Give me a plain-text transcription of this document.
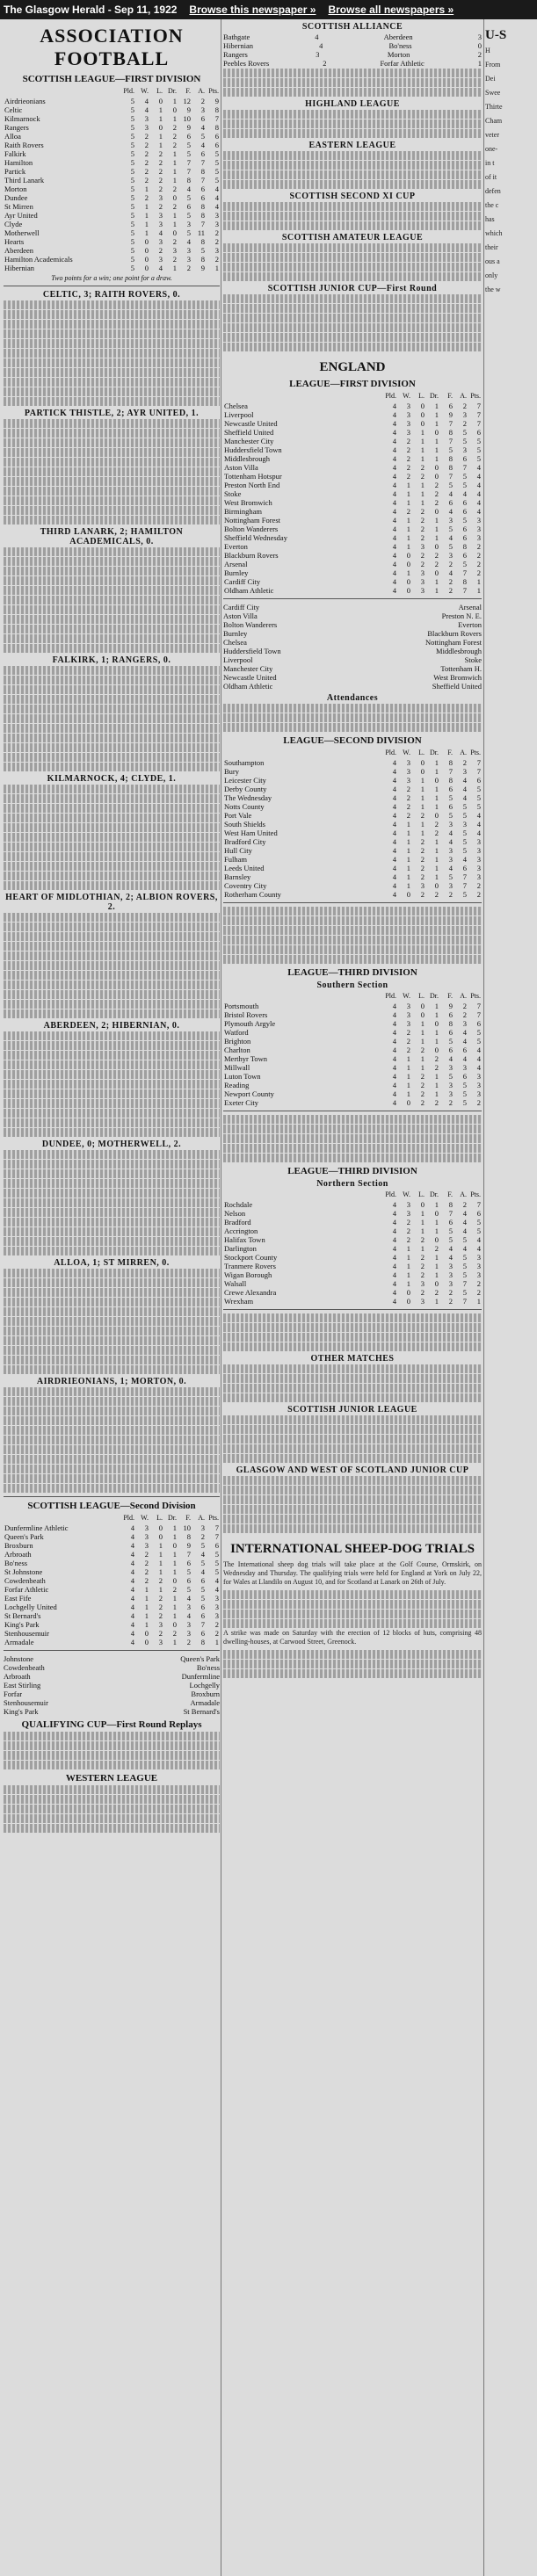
The Glasgow Herald - Sep 11, 1922 Browse this newspaper » Browse all newspapers »
ASSOCIATION FOOTBALL
SCOTTISH LEAGUE—FIRST DIVISION
	Pld.	W.	L.	Dr.	F.	A.	Pts.
Airdrieonians	5	4	0	1	12	2	9
Celtic	5	4	1	0	9	3	8
Kilmarnock	5	3	1	1	10	6	7
Rangers	5	3	0	2	9	4	8
Alloa	5	2	1	2	6	5	6
Raith Rovers	5	2	1	2	5	4	6
Falkirk	5	2	2	1	5	6	5
Hamilton	5	2	2	1	7	7	5
Partick	5	2	2	1	7	8	5
Third Lanark	5	2	2	1	8	7	5
Morton	5	1	2	2	4	6	4
Dundee	5	2	3	0	5	6	4
St Mirren	5	1	2	2	6	8	4
Ayr United	5	1	3	1	5	8	3
Clyde	5	1	3	1	3	7	3
Motherwell	5	1	4	0	5	11	2
Hearts	5	0	3	2	4	8	2
Aberdeen	5	0	2	3	3	5	3
Hamilton Academicals	5	0	3	2	3	8	2
Hibernian	5	0	4	1	2	9	1
Two points for a win; one point for a draw.
CELTIC, 3; RAITH ROVERS, 0.
PARTICK THISTLE, 2; AYR UNITED, 1.
THIRD LANARK, 2; HAMILTON ACADEMICALS, 0.
FALKIRK, 1; RANGERS, 0.
KILMARNOCK, 4; CLYDE, 1.
HEART OF MIDLOTHIAN, 2; ALBION ROVERS, 2.
ABERDEEN, 2; HIBERNIAN, 0.
DUNDEE, 0; MOTHERWELL, 2.
ALLOA, 1; ST MIRREN, 0.
AIRDRIEONIANS, 1; MORTON, 0.
SCOTTISH LEAGUE—Second Division
	Pld.	W.	L.	Dr.	F.	A.	Pts.
Dunfermline Athletic	4	3	0	1	10	3	7
Queen's Park	4	3	0	1	8	2	7
Broxburn	4	3	1	0	9	5	6
Arbroath	4	2	1	1	7	4	5
Bo'ness	4	2	1	1	6	5	5
St Johnstone	4	2	1	1	5	4	5
Cowdenbeath	4	2	2	0	6	6	4
Forfar Athletic	4	1	1	2	5	5	4
East Fife	4	1	2	1	4	5	3
Lochgelly United	4	1	2	1	3	6	3
St Bernard's	4	1	2	1	4	6	3
King's Park	4	1	3	0	3	7	2
Stenhousemuir	4	0	2	2	3	6	2
Armadale	4	0	3	1	2	8	1
Johnstone	Queen's Park
Cowdenbeath	Bo'ness
Arbroath	Dunfermline
East Stirling	Lochgelly
Forfar	Broxburn
Stenhousemuir	Armadale
King's Park	St Bernard's
QUALIFYING CUP—First Round Replays
WESTERN LEAGUE
SCOTTISH ALLIANCE
Bathgate	4	Aberdeen	3
Hibernian	4	Bo'ness	0
Rangers	3	Morton	2
Peebles Rovers	2	Forfar Athletic	1
HIGHLAND LEAGUE
EASTERN LEAGUE
SCOTTISH SECOND XI CUP
SCOTTISH AMATEUR LEAGUE
SCOTTISH JUNIOR CUP—First Round
ENGLAND
LEAGUE—FIRST DIVISION
	Pld.	W.	L.	Dr.	F.	A.	Pts.
Chelsea	4	3	0	1	6	2	7
Liverpool	4	3	0	1	9	3	7
Newcastle United	4	3	0	1	7	2	7
Sheffield United	4	3	1	0	8	5	6
Manchester City	4	2	1	1	7	5	5
Huddersfield Town	4	2	1	1	5	3	5
Middlesbrough	4	2	1	1	8	6	5
Aston Villa	4	2	2	0	8	7	4
Tottenham Hotspur	4	2	2	0	7	5	4
Preston North End	4	1	1	2	5	5	4
Stoke	4	1	1	2	4	4	4
West Bromwich	4	1	1	2	6	6	4
Birmingham	4	2	2	0	4	6	4
Nottingham Forest	4	1	2	1	3	5	3
Bolton Wanderers	4	1	2	1	5	6	3
Sheffield Wednesday	4	1	2	1	4	6	3
Everton	4	1	3	0	5	8	2
Blackburn Rovers	4	0	2	2	3	6	2
Arsenal	4	0	2	2	2	5	2
Burnley	4	1	3	0	4	7	2
Cardiff City	4	0	3	1	2	8	1
Oldham Athletic	4	0	3	1	2	7	1
Cardiff City	Arsenal
Aston Villa	Preston N. E.
Bolton Wanderers	Everton
Burnley	Blackburn Rovers
Chelsea	Nottingham Forest
Huddersfield Town	Middlesbrough
Liverpool	Stoke
Manchester City	Tottenham H.
Newcastle United	West Bromwich
Oldham Athletic	Sheffield United
Attendances
LEAGUE—SECOND DIVISION
	Pld.	W.	L.	Dr.	F.	A.	Pts.
Southampton	4	3	0	1	8	2	7
Bury	4	3	0	1	7	3	7
Leicester City	4	3	1	0	8	4	6
Derby County	4	2	1	1	6	4	5
The Wednesday	4	2	1	1	5	4	5
Notts County	4	2	1	1	6	5	5
Port Vale	4	2	2	0	5	5	4
South Shields	4	1	1	2	3	3	4
West Ham United	4	1	1	2	4	5	4
Bradford City	4	1	2	1	4	5	3
Hull City	4	1	2	1	3	5	3
Fulham	4	1	2	1	3	4	3
Leeds United	4	1	2	1	4	6	3
Barnsley	4	1	2	1	5	7	3
Coventry City	4	1	3	0	3	7	2
Rotherham County	4	0	2	2	2	5	2
LEAGUE—THIRD DIVISION
Southern Section
	Pld.	W.	L.	Dr.	F.	A.	Pts.
Portsmouth	4	3	0	1	9	2	7
Bristol Rovers	4	3	0	1	6	2	7
Plymouth Argyle	4	3	1	0	8	3	6
Watford	4	2	1	1	6	4	5
Brighton	4	2	1	1	5	4	5
Charlton	4	2	2	0	6	6	4
Merthyr Town	4	1	1	2	4	4	4
Millwall	4	1	1	2	3	3	4
Luton Town	4	1	2	1	5	6	3
Reading	4	1	2	1	3	5	3
Newport County	4	1	2	1	3	5	3
Exeter City	4	0	2	2	2	5	2
LEAGUE—THIRD DIVISION
Northern Section
	Pld.	W.	L.	Dr.	F.	A.	Pts.
Rochdale	4	3	0	1	8	2	7
Nelson	4	3	1	0	7	4	6
Bradford	4	2	1	1	6	4	5
Accrington	4	2	1	1	5	4	5
Halifax Town	4	2	2	0	5	5	4
Darlington	4	1	1	2	4	4	4
Stockport County	4	1	2	1	4	5	3
Tranmere Rovers	4	1	2	1	3	5	3
Wigan Borough	4	1	2	1	3	5	3
Walsall	4	1	3	0	3	7	2
Crewe Alexandra	4	0	2	2	2	5	2
Wrexham	4	0	3	1	2	7	1
OTHER MATCHES
SCOTTISH JUNIOR LEAGUE
GLASGOW AND WEST OF SCOTLAND JUNIOR CUP
INTERNATIONAL SHEEP-DOG TRIALS

The International sheep dog trials will take place at the Golf Course, Ormskirk, on Wednesday and Thursday. The qualifying trials were held for England at York on July 22, for Wales at Llandilo on August 10, and for Scotland at Lanark on 26th of July.

A strike was made on Saturday with the erection of 12 blocks of huts, comprising 48 dwelling-houses, at Carwood Street, Greenock.

U-S
H
From
Dei
Swee
Thirte
Cham
veter
one-
in t
of it
defen
the c
has
which
their
ous a
only
the w
